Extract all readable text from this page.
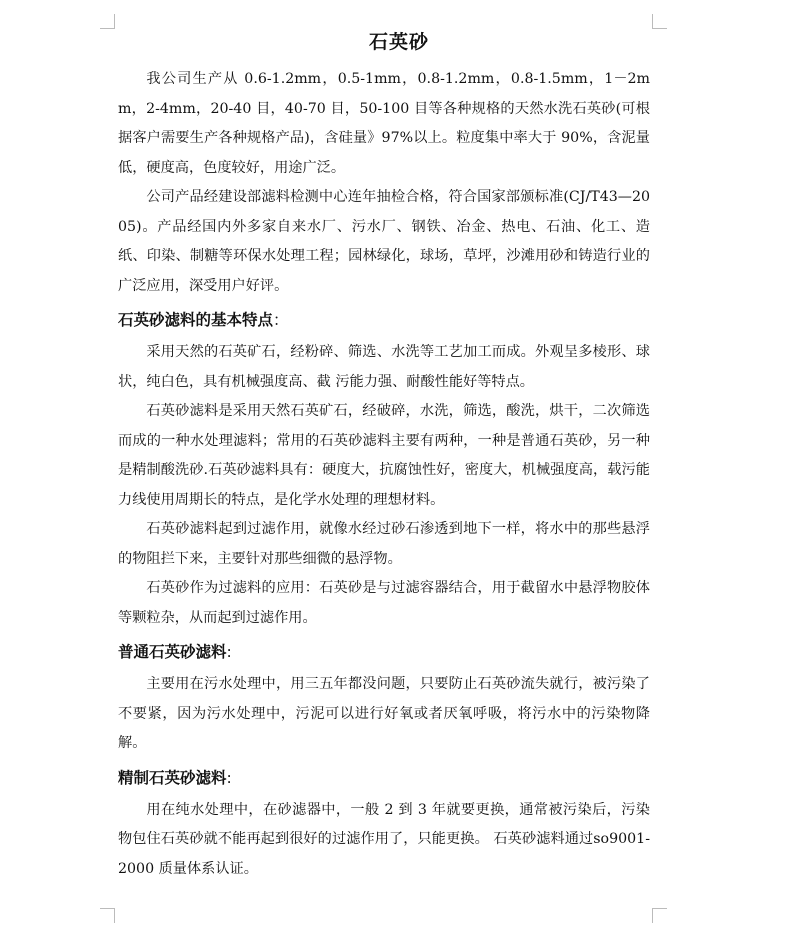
石英砂

我公司生产从 0.6-1.2mm，0.5-1mm，0.8-1.2mm，0.8-1.5mm，1－2mm，2-4mm，20-40 目，40-70 目，50-100 目等各种规格的天然水洗石英砂(可根据客户需要生产各种规格产品)，含硅量》97%以上。粒度集中率大于 90%，含泥量低，硬度高，色度较好，用途广泛。

公司产品经建设部滤料检测中心连年抽检合格，符合国家部颁标准(CJ/T43—2005)。产品经国内外多家自来水厂、污水厂、钢铁、冶金、热电、石油、化工、造纸、印染、制糖等环保水处理工程；园林绿化，球场，草坪，沙滩用砂和铸造行业的广泛应用，深受用户好评。

石英砂滤料的基本特点：

采用天然的石英矿石，经粉碎、筛选、水洗等工艺加工而成。外观呈多棱形、球状，纯白色，具有机械强度高、截 污能力强、耐酸性能好等特点。

石英砂滤料是采用天然石英矿石，经破碎，水洗，筛选，酸洗，烘干，二次筛选而成的一种水处理滤料；常用的石英砂滤料主要有两种，一种是普通石英砂，另一种是精制酸洗砂.石英砂滤料具有：硬度大，抗腐蚀性好，密度大，机械强度高，载污能力线使用周期长的特点，是化学水处理的理想材料。

石英砂滤料起到过滤作用，就像水经过砂石渗透到地下一样，将水中的那些悬浮的物阻拦下来，主要针对那些细微的悬浮物。

石英砂作为过滤料的应用：石英砂是与过滤容器结合，用于截留水中悬浮物胶体等颗粒杂，从而起到过滤作用。

普通石英砂滤料:

主要用在污水处理中，用三五年都没问题，只要防止石英砂流失就行，被污染了不要紧，因为污水处理中，污泥可以进行好氧或者厌氧呼吸，将污水中的污染物降解。

精制石英砂滤料:

用在纯水处理中，在砂滤器中，一般 2 到 3 年就要更换，通常被污染后，污染物包住石英砂就不能再起到很好的过滤作用了，只能更换。 石英砂滤料通过so9001-2000 质量体系认证。
